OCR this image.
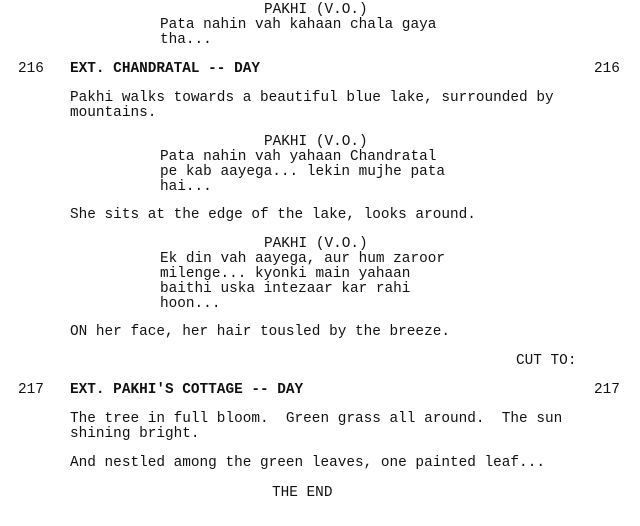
PAKHI (V.O.)
Pata nahin vah kahaan chala gaya
tha...
216 EXT. CHANDRATAL -- DAY	216
Pakhi walks towards a beautiful blue lake, surrounded by
mountains.
PAKHI (V.O.)
Pata nahin vah yahaan Chandratal
pe kab aayega... lekin mujhe pata
hai...
She sits at the edge of the lake, looks around.
PAKHI (V.O.)
Ek din vah aayega, aur hum zaroor
milenge... kyonki main yahaan
baithi uska intezaar kar rahi
hoon...
ON her face, her hair tousled by the breeze.
CUT TO:
217 EXT. PAKHI'S COTTAGE -- DAY	217
The tree in full bloom.  Green grass all around.  The sun
shining bright.
And nestled among the green leaves, one painted leaf...
THE END
